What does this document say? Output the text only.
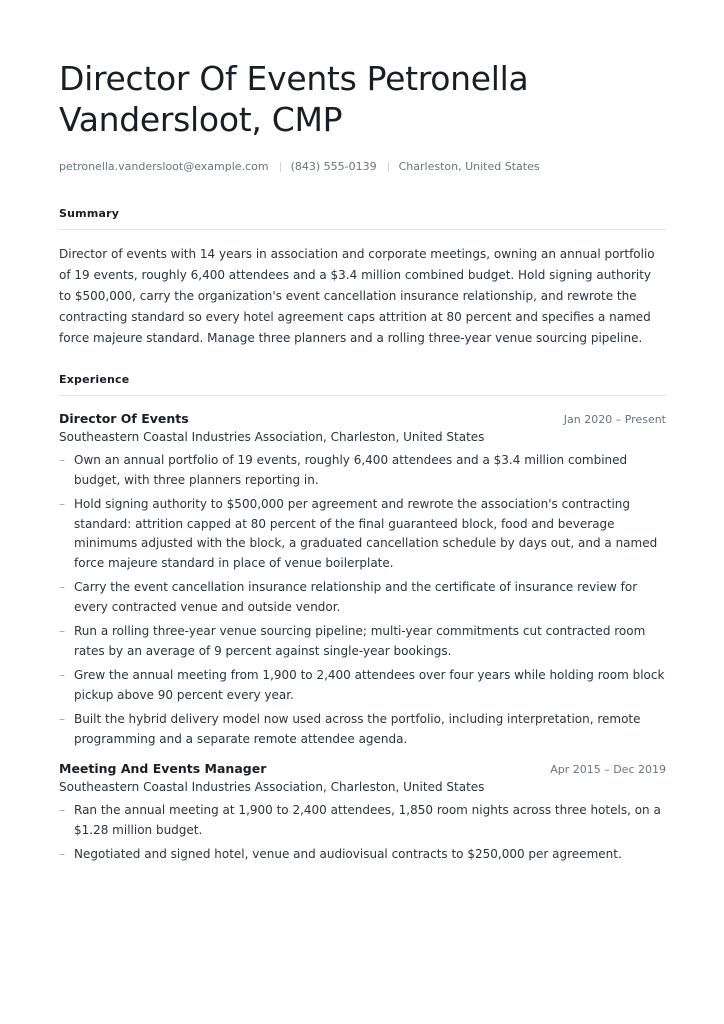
Director Of Events Petronella
Vandersloot, CMP
petronella.vandersloot@example.com (843) 555-0139 Charleston, United States
Summary

Director of events with 14 years in association and corporate meetings, owning an annual portfolio of 19 events, roughly 6,400 attendees and a $3.4 million combined budget. Hold signing authority to $500,000, carry the organization's event cancellation insurance relationship, and rewrote the contracting standard so every hotel agreement caps attrition at 80 percent and specifies a named force majeure standard. Manage three planners and a rolling three-year venue sourcing pipeline.

Experience
Director Of Events	Jan 2020 – Present
Southeastern Coastal Industries Association, Charleston, United States
– Own an annual portfolio of 19 events, roughly 6,400 attendees and a $3.4 million combined budget, with three planners reporting in.
– Hold signing authority to $500,000 per agreement and rewrote the association's contracting standard: attrition capped at 80 percent of the final guaranteed block, food and beverage minimums adjusted with the block, a graduated cancellation schedule by days out, and a named force majeure standard in place of venue boilerplate.
– Carry the event cancellation insurance relationship and the certificate of insurance review for every contracted venue and outside vendor.
– Run a rolling three-year venue sourcing pipeline; multi-year commitments cut contracted room rates by an average of 9 percent against single-year bookings.
– Grew the annual meeting from 1,900 to 2,400 attendees over four years while holding room block pickup above 90 percent every year.
– Built the hybrid delivery model now used across the portfolio, including interpretation, remote programming and a separate remote attendee agenda.
Meeting And Events Manager	Apr 2015 – Dec 2019
Southeastern Coastal Industries Association, Charleston, United States
– Ran the annual meeting at 1,900 to 2,400 attendees, 1,850 room nights across three hotels, on a $1.28 million budget.
– Negotiated and signed hotel, venue and audiovisual contracts to $250,000 per agreement.
